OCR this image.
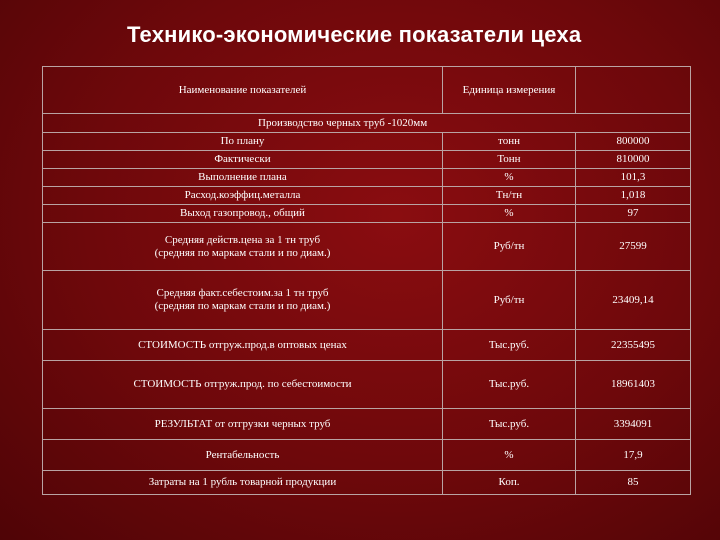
Технико-экономические показатели цеха
Наименование показателей	Единица измерения	
Производство черных труб -1020мм		
По плану	тонн	800000
Фактически	Тонн	810000
Выполнение плана	%	101,3
Расход.коэффиц.металла	Тн/тн	1,018
Выход газопровод., общий	%	97

Средняя действ.цена за 1 тн труб
(средняя по маркам стали и по диам.)	Руб/тн	27599

Средняя факт.себестоим.за 1 тн труб
(средняя по маркам стали и по диам.)	Руб/тн	23409,14
СТОИМОСТЬ отгруж.прод.в оптовых ценах	Тыс.руб.	22355495
СТОИМОСТЬ отгруж.прод. по себестоимости	Тыс.руб.	18961403
РЕЗУЛЬТАТ от отгрузки черных труб	Тыс.руб.	3394091
Рентабельность	%	17,9
Затраты на 1 рубль товарной продукции	Коп.	85
